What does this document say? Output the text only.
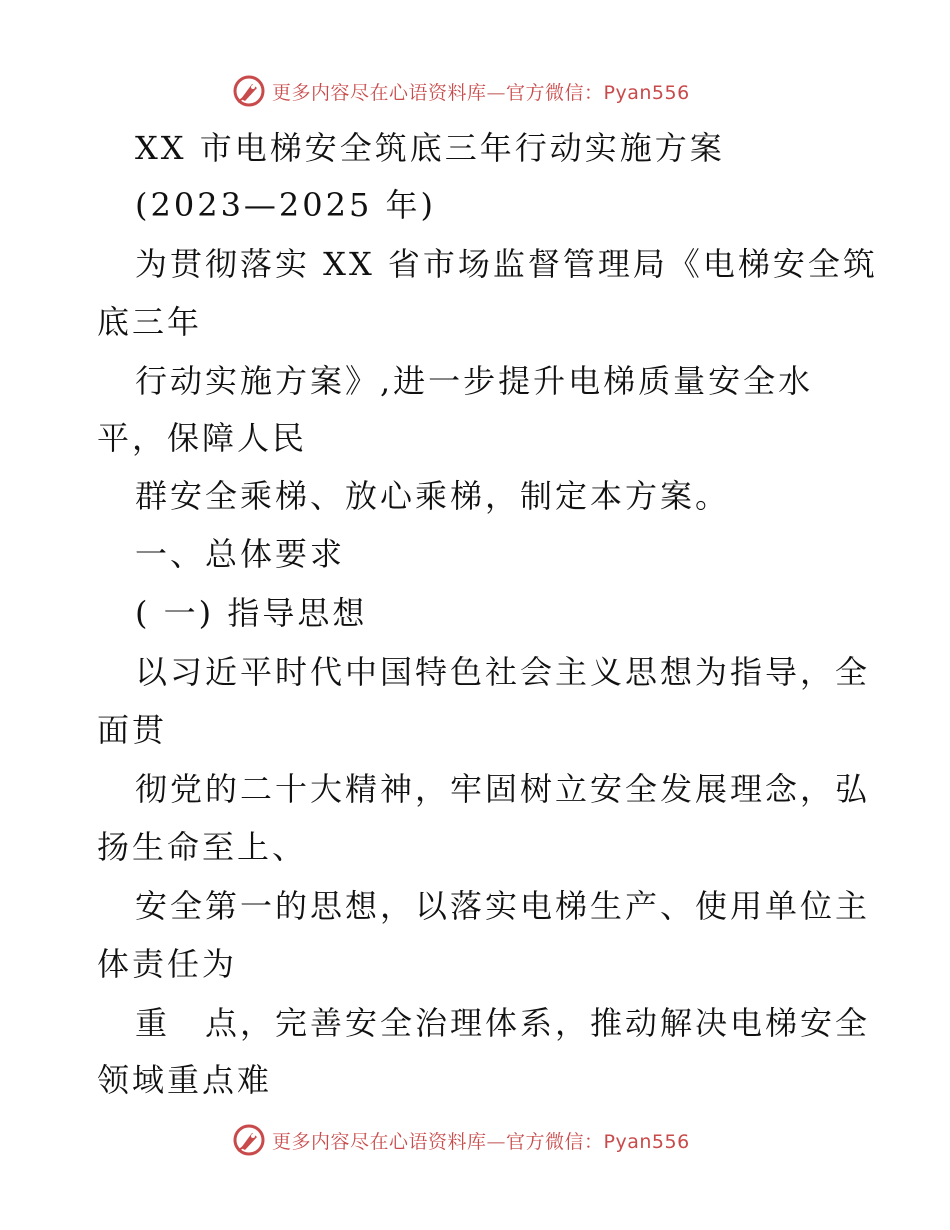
更多内容尽在心语资料库—官方微信：Pyan556
XX 市电梯安全筑底三年行动实施方案
(2023—2025 年)
为贯彻落实 XX 省市场监督管理局《电梯安全筑
底三年
行动实施方案》,进一步提升电梯质量安全水
平，保障人民
群安全乘梯、放心乘梯，制定本方案。
一、总体要求
( 一) 指导思想
以习近平时代中国特色社会主义思想为指导，全
面贯
彻党的二十大精神，牢固树立安全发展理念，弘
扬生命至上、
安全第一的思想，以落实电梯生产、使用单位主
体责任为
重　点，完善安全治理体系，推动解决电梯安全
领域重点难
更多内容尽在心语资料库—官方微信：Pyan556
